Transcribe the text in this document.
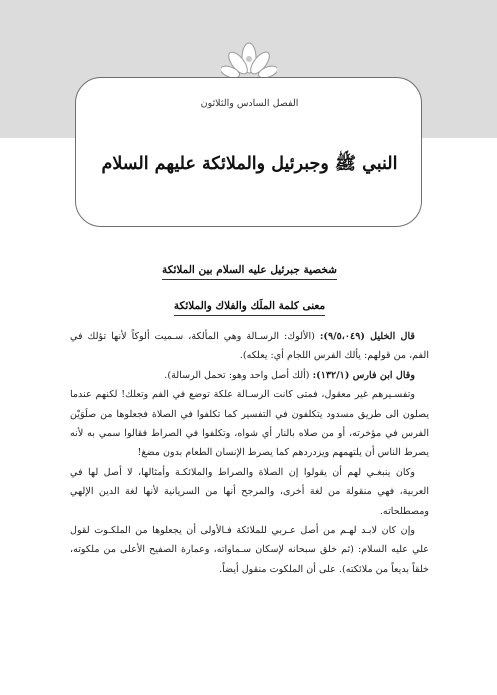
الفصل السادس والثلاثون
النبي ﷺ وجبرئيل والملائكة عليهم السلام
شخصية جبرئيل عليه السلام بين الملائكة
معنى كلمة الملَك والفلاك والملائكة

قال الخليل (٩/٥،٠٤٩): (الألوك: الرسـالة وهي المألكة، سـميت ألوكاً لأنها تؤلك في الفم، من قولهم: يألك الفرس اللجام أي: يعلكه).

وقال ابن فارس (١٣٢/١): (ألك أصل واحد وهو: تحمل الرسالة).

وتفسـيرهم غير معقول، فمتى كانت الرسـالة علكة توضع في الفم وتعلك! لكنهم عندما يصلون الى طريق مسدود يتكلفون في التفسير كما تكلفوا في الصلاة فجعلوها من صلَوَيْن الفرس في مؤخرته، أو من صلاه بالنار أي شواه، وتكلفوا في الصراط فقالوا سمي به لأنه يصرط الناس أن يلتهمهم ويزدردهم كما يصرط الإنسان الطعام بدون مضغ!

وكان ينبغـي لهم أن يقولوا إن الصلاة والصراط والملائكـة وأمثالها، لا أصل لها في العربية، فهي منقولة من لغة أخرى، والمرجح أنها من السريانية لأنها لغة الدين الإلهي ومصطلحاته.

وإن كان لابـد لهـم من أصل عـربي للملائكة فـالأولى أن يجعلوها من الملكـوت لقول علي عليه السلام: (ثم خلق سبحانه لإسكان سـماواته، وعمارة الصفيح الأعلى من ملكوته، خلقاً بديعاً من ملائكته). على أن الملكوت منقول أيضاً.
